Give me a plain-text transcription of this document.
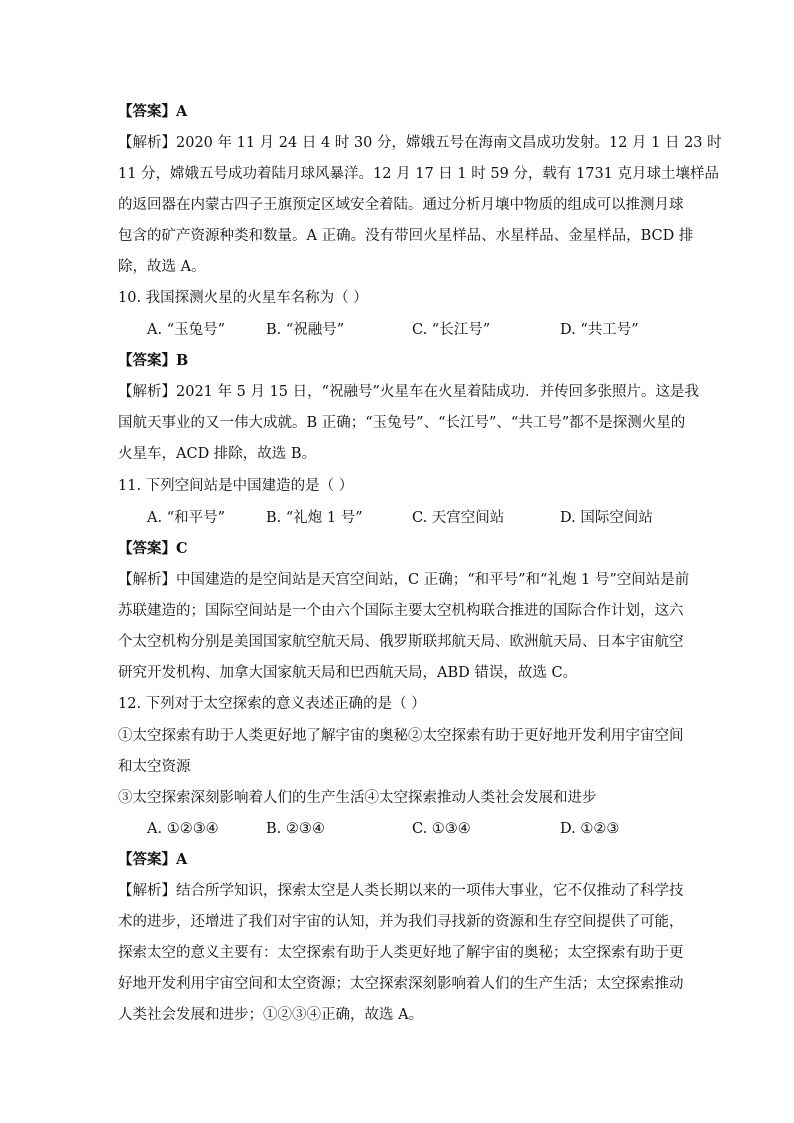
【答案】A
【解析】2020 年 11 月 24 日 4 时 30 分，嫦娥五号在海南文昌成功发射。12 月 1 日 23 时
11 分，嫦娥五号成功着陆月球风暴洋。12 月 17 日 1 时 59 分，载有 1731 克月球土壤样品
的返回器在内蒙古四子王旗预定区域安全着陆。通过分析月壤中物质的组成可以推测月球
包含的矿产资源种类和数量。A 正确。没有带回火星样品、水星样品、金星样品，BCD 排
除，故选 A。
10. 我国探测火星的火星车名称为（ ）
A. “玉兔号”	B. “祝融号”	C. “长江号”	D. “共工号”
【答案】B
【解析】2021 年 5 月 15 日，“祝融号”火星车在火星着陆成功．并传回多张照片。这是我
国航天事业的又一伟大成就。B 正确；“玉兔号”、“长江号”、“共工号”都不是探测火星的
火星车，ACD 排除，故选 B。
11. 下列空间站是中国建造的是（ ）
A. “和平号”	B. “礼炮 1 号”	C. 天宫空间站	D. 国际空间站
【答案】C
【解析】中国建造的是空间站是天宫空间站，C 正确；“和平号”和“礼炮 1 号”空间站是前
苏联建造的；国际空间站是一个由六个国际主要太空机构联合推进的国际合作计划，这六
个太空机构分别是美国国家航空航天局、俄罗斯联邦航天局、欧洲航天局、日本宇宙航空
研究开发机构、加拿大国家航天局和巴西航天局，ABD 错误，故选 C。
12. 下列对于太空探索的意义表述正确的是（ ）
①太空探索有助于人类更好地了解宇宙的奥秘②太空探索有助于更好地开发利用宇宙空间
和太空资源
③太空探索深刻影响着人们的生产生活④太空探索推动人类社会发展和进步
A. ①②③④	B. ②③④	C. ①③④	D. ①②③
【答案】A
【解析】结合所学知识，探索太空是人类长期以来的一项伟大事业，它不仅推动了科学技
术的进步，还增进了我们对宇宙的认知，并为我们寻找新的资源和生存空间提供了可能，
探索太空的意义主要有：太空探索有助于人类更好地了解宇宙的奥秘；太空探索有助于更
好地开发利用宇宙空间和太空资源；太空探索深刻影响着人们的生产生活；太空探索推动
人类社会发展和进步；①②③④正确，故选 A。
